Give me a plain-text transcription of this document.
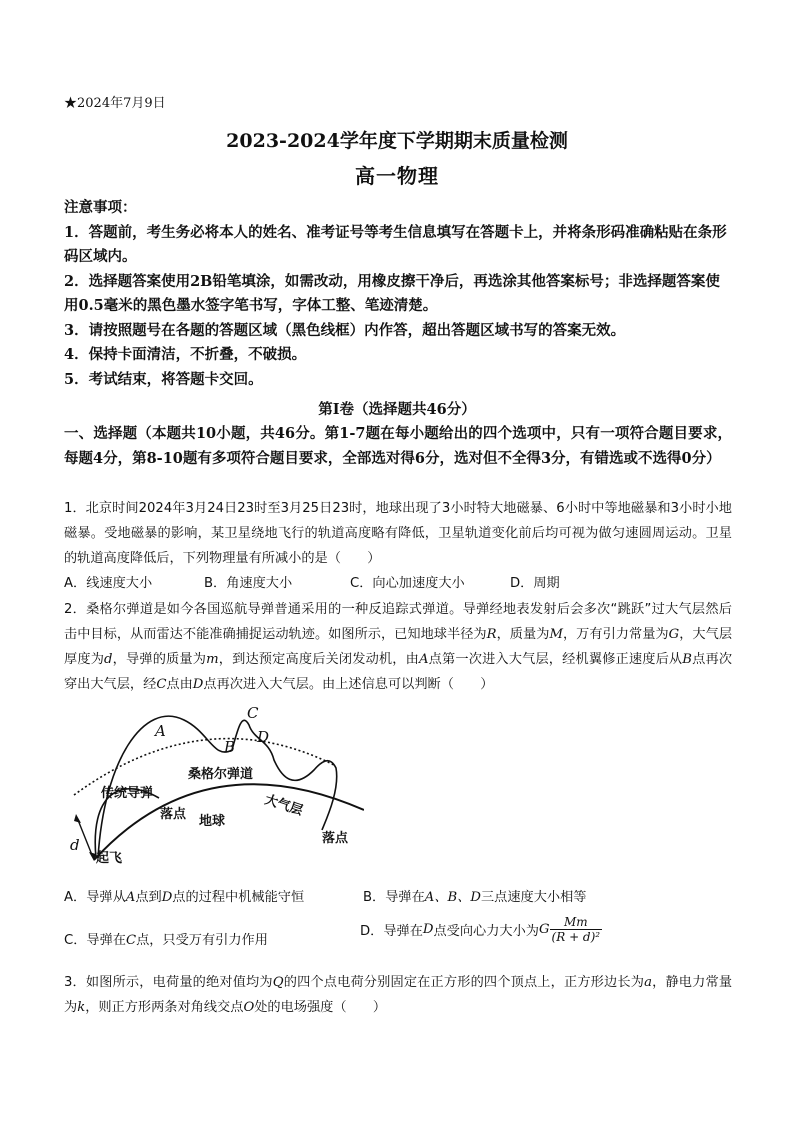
★2024年7月9日
2023-2024学年度下学期期末质量检测
高一物理

注意事项：

1．答题前，考生务必将本人的姓名、准考证号等考生信息填写在答题卡上，并将条形码准确粘贴在条形码区域内。

2．选择题答案使用2B铅笔填涂，如需改动，用橡皮擦干净后，再选涂其他答案标号；非选择题答案使用0.5毫米的黑色墨水签字笔书写，字体工整、笔迹清楚。

3．请按照题号在各题的答题区域（黑色线框）内作答，超出答题区域书写的答案无效。

4．保持卡面清洁，不折叠，不破损。

5．考试结束，将答题卡交回。

第Ⅰ卷（选择题共46分）
一、选择题（本题共10小题，共46分。第1-7题在每小题给出的四个选项中，只有一项符合题目要求，每题4分，第8-10题有多项符合题目要求，全部选对得6分，选对但不全得3分，有错选或不选得0分）
1．北京时间2024年3月24日23时至3月25日23时，地球出现了3小时特大地磁暴、6小时中等地磁暴和3小时小地磁暴。受地磁暴的影响，某卫星绕地飞行的轨道高度略有降低，卫星轨道变化前后均可视为做匀速圆周运动。卫星的轨道高度降低后，下列物理量有所减小的是（　　）
A．线速度大小	B．角速度大小	C．向心加速度大小	D．周期
2．桑格尔弹道是如今各国巡航导弹普通采用的一种反追踪式弹道。导弹经地表发射后会多次“跳跃”过大气层然后击中目标，从而雷达不能准确捕捉运动轨迹。如图所示，已知地球半径为R，质量为M，万有引力常量为G，大气层厚度为d，导弹的质量为m，到达预定高度后关闭发动机，由A点第一次进入大气层，经机翼修正速度后从B点再次穿出大气层，经C点由D点再次进入大气层。由上述信息可以判断（　　）
A
B
C
D
d
传统导弹
桑格尔弹道
大气层
地球
落点
落点
起飞
A．导弹从A点到D点的过程中机械能守恒	B．导弹在A、B、D三点速度大小相等
C．导弹在C点，只受万有引力作用
D．导弹在D点受向心力大小为G $\frac{Mm}{\text{(R + d)²}}$
3．如图所示，电荷量的绝对值均为Q的四个点电荷分别固定在正方形的四个顶点上，正方形边长为a，静电力常量为k，则正方形两条对角线交点O处的电场强度（　　）
